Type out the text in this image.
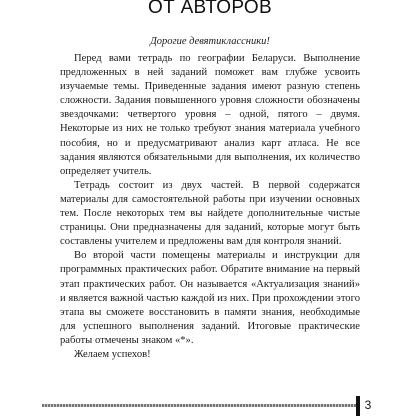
ОТ АВТОРОВ

Дорогие девятиклассники!

Перед вами тетрадь по географии Беларуси. Выполнение предложенных в ней заданий поможет вам глубже усвоить изучаемые темы. Приведенные задания имеют разную степень сложности. Задания повышенного уровня сложности обозначены звездочками: четвертого уровня – одной, пятого – двумя. Некоторые из них не только требуют знания материала учебного пособия, но и предусматривают анализ карт атласа. Не все задания являются обязательными для выполнения, их количество определяет учитель.

Тетрадь состоит из двух частей. В первой содержатся материалы для самостоятельной работы при изучении основных тем. После некоторых тем вы найдете дополнительные чистые страницы. Они предназначены для заданий, которые могут быть составлены учителем и предложены вам для контроля знаний.

Во второй части помещены материалы и инструкции для программных практических работ. Обратите внимание на первый этап практических работ. Он называется «Актуализация знаний» и является важной частью каждой из них. При прохождении этого этапа вы сможете восстановить в памяти знания, необходимые для успешного выполнения заданий. Итоговые практические работы отмечены знаком «*».

Желаем успехов!

3
